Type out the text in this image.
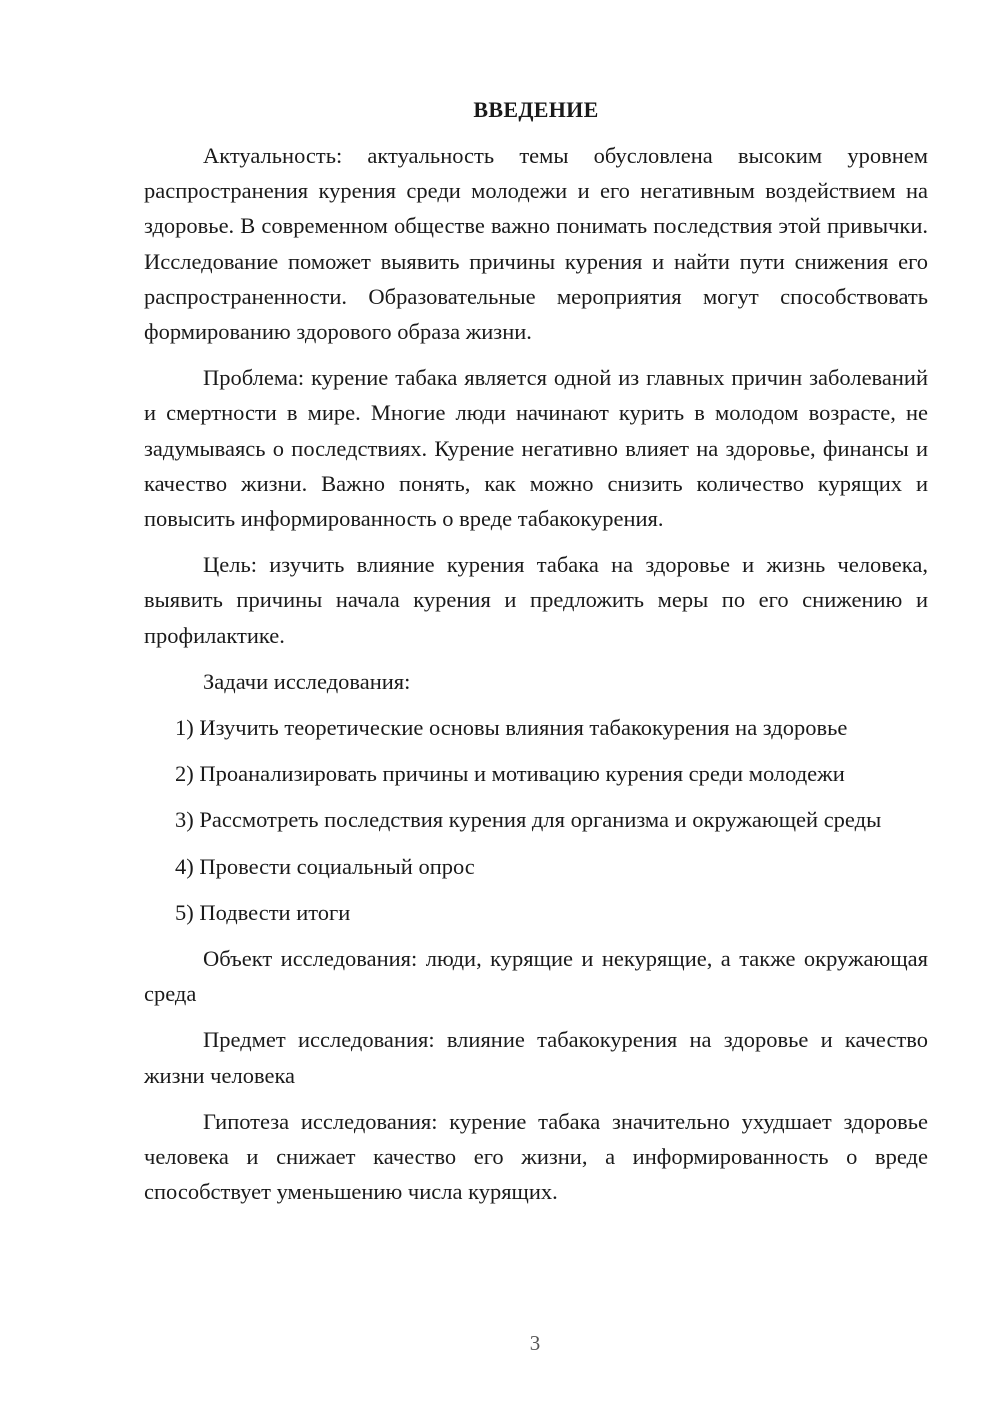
ВВЕДЕНИЕ

Актуальность: актуальность темы обусловлена высоким уровнем распространения курения среди молодежи и его негативным воздействием на здоровье. В современном обществе важно понимать последствия этой привычки. Исследование поможет выявить причины курения и найти пути снижения его распространенности. Образовательные мероприятия могут способствовать формированию здорового образа жизни.

Проблема: курение табака является одной из главных причин заболеваний и смертности в мире. Многие люди начинают курить в молодом возрасте, не задумываясь о последствиях. Курение негативно влияет на здоровье, финансы и качество жизни. Важно понять, как можно снизить количество курящих и повысить информированность о вреде табакокурения.

Цель: изучить влияние курения табака на здоровье и жизнь человека, выявить причины начала курения и предложить меры по его снижению и профилактике.

Задачи исследования:

1) Изучить теоретические основы влияния табакокурения на здоровье

2) Проанализировать причины и мотивацию курения среди молодежи

3) Рассмотреть последствия курения для организма и окружающей среды

4) Провести социальный опрос

5) Подвести итоги

Объект исследования: люди, курящие и некурящие, а также окружающая среда

Предмет исследования: влияние табакокурения на здоровье и качество жизни человека

Гипотеза исследования: курение табака значительно ухудшает здоровье человека и снижает качество его жизни, а информированность о вреде способствует уменьшению числа курящих.

3
